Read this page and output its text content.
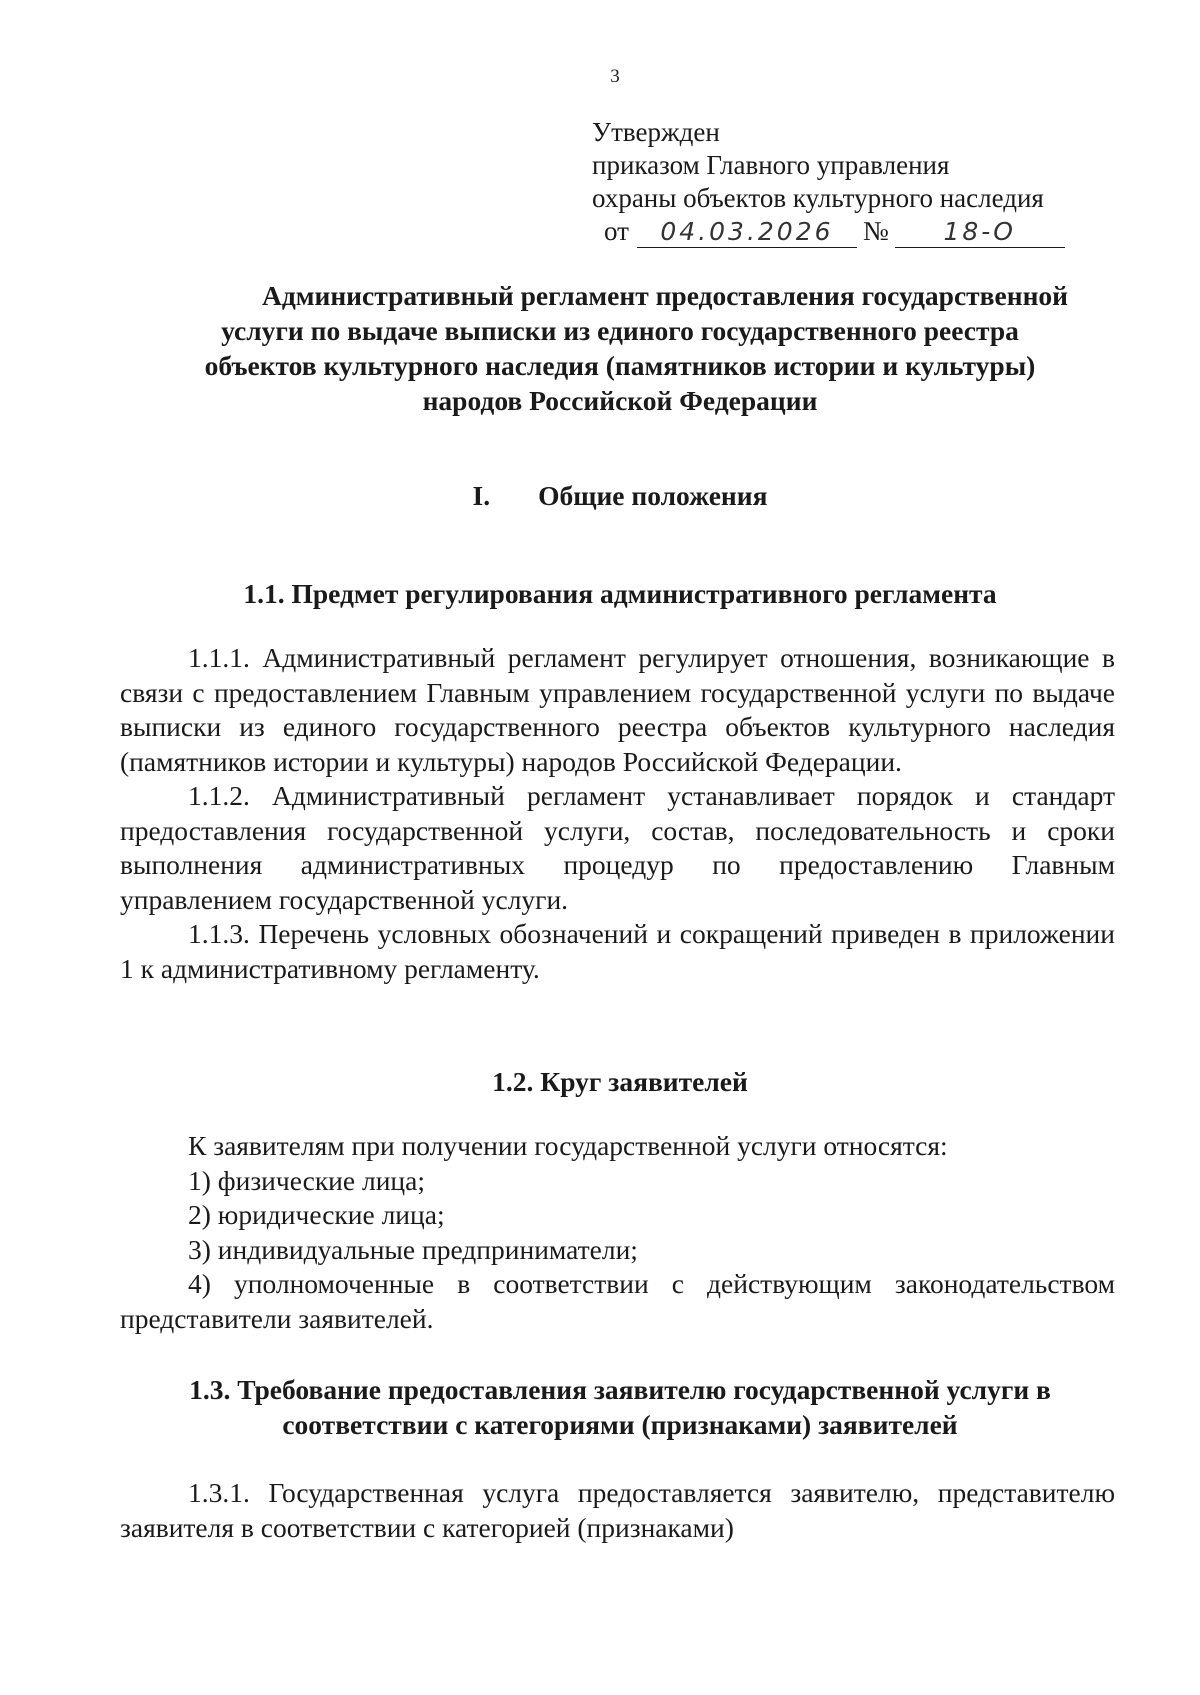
3
Утвержден
приказом Главного управления
охраны объектов культурного наследия
от 04.03.2026 № 18-О
Административный регламент предоставления государственной
услуги по выдаче выписки из единого государственного реестра
объектов культурного наследия (памятников истории и культуры)
народов Российской Федерации
I. Общие положения
1.1. Предмет регулирования административного регламента

1.1.1. Административный регламент регулирует отношения, возникающие в связи с предоставлением Главным управлением государственной услуги по выдаче выписки из единого государственного реестра объектов культурного наследия (памятников истории и культуры) народов Российской Федерации.

1.1.2. Административный регламент устанавливает порядок и стандарт предоставления государственной услуги, состав, последовательность и сроки выполнения административных процедур по предоставлению Главным управлением государственной услуги.

1.1.3. Перечень условных обозначений и сокращений приведен в приложении 1 к административному регламенту.

1.2. Круг заявителей

К заявителям при получении государственной услуги относятся:

1) физические лица;

2) юридические лица;

3) индивидуальные предприниматели;

4) уполномоченные в соответствии с действующим законодательством представители заявителей.

1.3. Требование предоставления заявителю государственной услуги в
соответствии с категориями (признаками) заявителей

1.3.1. Государственная услуга предоставляется заявителю, представителю заявителя в соответствии с категорией (признаками)
